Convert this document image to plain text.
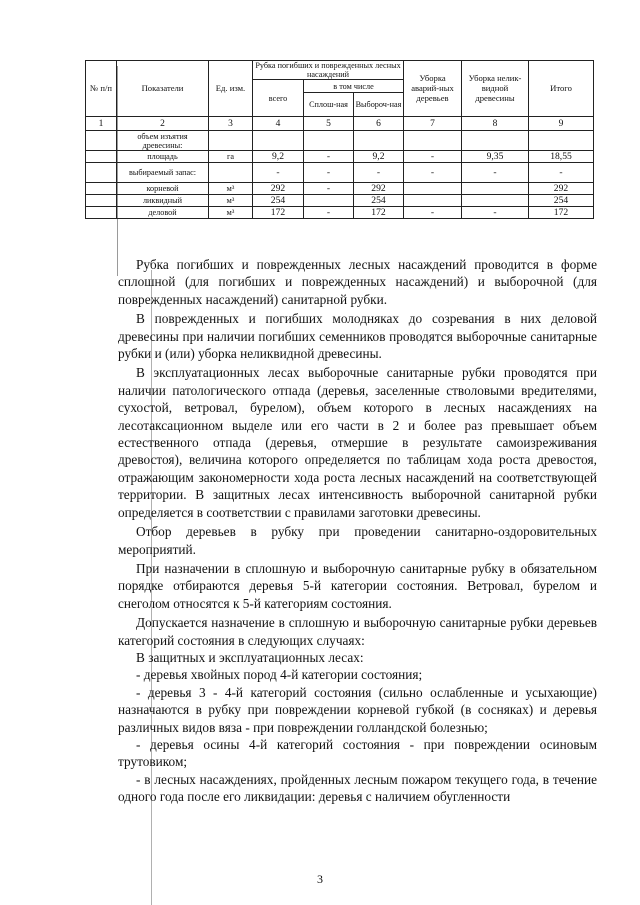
№ п/п	Показатели	Ед. изм.	Рубка погибших и поврежденных лесных насаждений			Уборка аварий-ных деревьев	Уборка нелик-видной древесины	Итого
			всего	в том числе				
				Сплош-ная	Выбороч-ная			
1	2	3	4	5	6	7	8	9
	объем изъятия древесины:							
	площадь	га	9,2	-	9,2	-	9,35	18,55
	выбираемый запас:		-	-	-	-	-	-
	корневой	м³	292	-	292			292
	ликвидный	м³	254		254			254
	деловой	м³	172	-	172	-	-	172

Рубка погибших и поврежденных лесных насаждений проводится в форме сплошной (для погибших и поврежденных насаждений) и выборочной (для поврежденных насаждений) санитарной рубки.

В поврежденных и погибших молодняках до созревания в них деловой древесины при наличии погибших семенников проводятся выборочные санитарные рубки и (или) уборка неликвидной древесины.

В эксплуатационных лесах выборочные санитарные рубки проводятся при наличии патологического отпада (деревья, заселенные стволовыми вредителями, сухостой, ветровал, бурелом), объем которого в лесных насаждениях на лесотаксационном выделе или его части в 2 и более раз превышает объем естественного отпада (деревья, отмершие в результате самоизреживания древостоя), величина которого определяется по таблицам хода роста древостоя, отражающим закономерности хода роста лесных насаждений на соответствующей территории. В защитных лесах интенсивность выборочной санитарной рубки определяется в соответствии с правилами заготовки древесины.

Отбор деревьев в рубку при проведении санитарно-оздоровительных мероприятий.

При назначении в сплошную и выборочную санитарные рубку в обязательном порядке отбираются деревья 5-й категории состояния. Ветровал, бурелом и снеголом относятся к 5-й категориям состояния.

Допускается назначение в сплошную и выборочную санитарные рубки деревьев категорий состояния в следующих случаях:

В защитных и эксплуатационных лесах:

- деревья хвойных пород 4-й категории состояния;

- деревья 3 - 4-й категорий состояния (сильно ослабленные и усыхающие) назначаются в рубку при повреждении корневой губкой (в сосняках) и деревья различных видов вяза - при повреждении голландской болезнью;

- деревья осины 4-й категорий состояния - при повреждении осиновым трутовиком;

- в лесных насаждениях, пройденных лесным пожаром текущего года, в течение одного года после его ликвидации: деревья с наличием обугленности

3
